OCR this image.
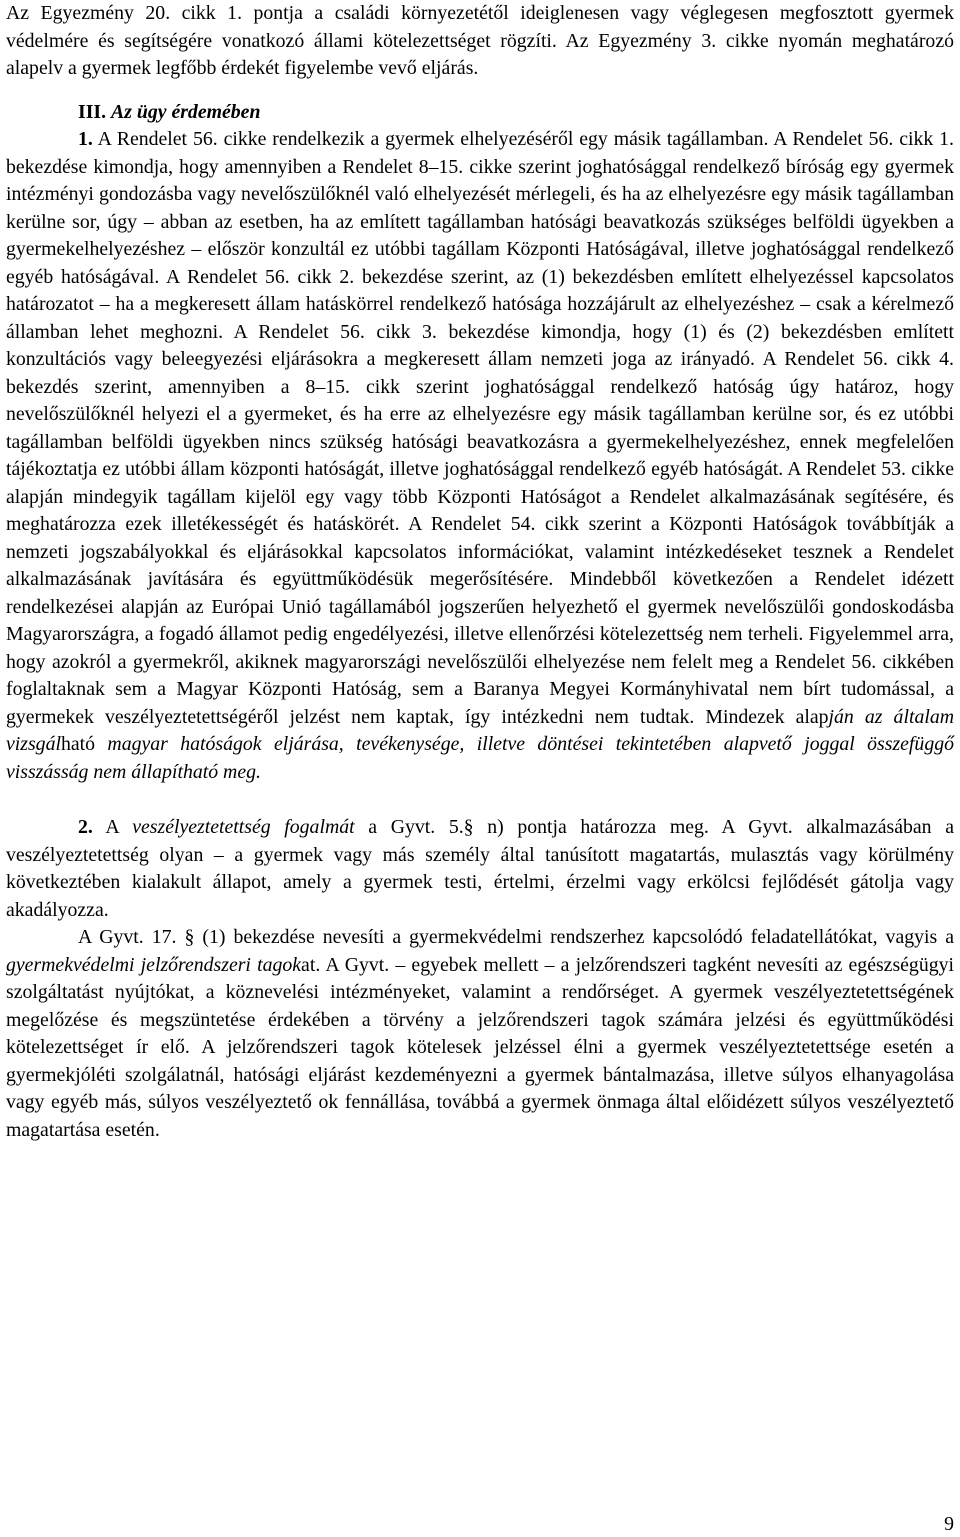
Az Egyezmény 20. cikk 1. pontja a családi környezetétől ideiglenesen vagy véglegesen megfosztott gyermek védelmére és segítségére vonatkozó állami kötelezettséget rögzíti. Az Egyezmény 3. cikke nyomán meghatározó alapelv a gyermek legfőbb érdekét figyelembe vevő eljárás.

III. Az ügy érdemében

1. A Rendelet 56. cikke rendelkezik a gyermek elhelyezéséről egy másik tagállamban. A Rendelet 56. cikk 1. bekezdése kimondja, hogy amennyiben a Rendelet 8–15. cikke szerint joghatósággal rendelkező bíróság egy gyermek intézményi gondozásba vagy nevelőszülőknél való elhelyezését mérlegeli, és ha az elhelyezésre egy másik tagállamban kerülne sor, úgy – abban az esetben, ha az említett tagállamban hatósági beavatkozás szükséges belföldi ügyekben a gyermekelhelyezéshez – először konzultál ez utóbbi tagállam Központi Hatóságával, illetve joghatósággal rendelkező egyéb hatóságával. A Rendelet 56. cikk 2. bekezdése szerint, az (1) bekezdésben említett elhelyezéssel kapcsolatos határozatot – ha a megkeresett állam hatáskörrel rendelkező hatósága hozzájárult az elhelyezéshez – csak a kérelmező államban lehet meghozni. A Rendelet 56. cikk 3. bekezdése kimondja, hogy (1) és (2) bekezdésben említett konzultációs vagy beleegyezési eljárásokra a megkeresett állam nemzeti joga az irányadó. A Rendelet 56. cikk 4. bekezdés szerint, amennyiben a 8–15. cikk szerint joghatósággal rendelkező hatóság úgy határoz, hogy nevelőszülőknél helyezi el a gyermeket, és ha erre az elhelyezésre egy másik tagállamban kerülne sor, és ez utóbbi tagállamban belföldi ügyekben nincs szükség hatósági beavatkozásra a gyermekelhelyezéshez, ennek megfelelően tájékoztatja ez utóbbi állam központi hatóságát, illetve joghatósággal rendelkező egyéb hatóságát. A Rendelet 53. cikke alapján mindegyik tagállam kijelöl egy vagy több Központi Hatóságot a Rendelet alkalmazásának segítésére, és meghatározza ezek illetékességét és hatáskörét. A Rendelet 54. cikk szerint a Központi Hatóságok továbbítják a nemzeti jogszabályokkal és eljárásokkal kapcsolatos információkat, valamint intézkedéseket tesznek a Rendelet alkalmazásának javítására és együttműködésük megerősítésére. Mindebből következően a Rendelet idézett rendelkezései alapján az Európai Unió tagállamából jogszerűen helyezhető el gyermek nevelőszülői gondoskodásba Magyarországra, a fogadó államot pedig engedélyezési, illetve ellenőrzési kötelezettség nem terheli. Figyelemmel arra, hogy azokról a gyermekről, akiknek magyarországi nevelőszülői elhelyezése nem felelt meg a Rendelet 56. cikkében foglaltaknak sem a Magyar Központi Hatóság, sem a Baranya Megyei Kormányhivatal nem bírt tudomással, a gyermekek veszélyeztetettségéről jelzést nem kaptak, így intézkedni nem tudtak. Mindezek alapján az általam vizsgálható magyar hatóságok eljárása, tevékenysége, illetve döntései tekintetében alapvető joggal összefüggő visszásság nem állapítható meg.

2. A veszélyeztetettség fogalmát a Gyvt. 5.§ n) pontja határozza meg. A Gyvt. alkalmazásában a veszélyeztetettség olyan – a gyermek vagy más személy által tanúsított magatartás, mulasztás vagy körülmény következtében kialakult állapot, amely a gyermek testi, értelmi, érzelmi vagy erkölcsi fejlődését gátolja vagy akadályozza.

A Gyvt. 17. § (1) bekezdése nevesíti a gyermekvédelmi rendszerhez kapcsolódó feladatellátókat, vagyis a gyermekvédelmi jelzőrendszeri tagokat. A Gyvt. – egyebek mellett – a jelzőrendszeri tagként nevesíti az egészségügyi szolgáltatást nyújtókat, a köznevelési intézményeket, valamint a rendőrséget. A gyermek veszélyeztetettségének megelőzése és megszüntetése érdekében a törvény a jelzőrendszeri tagok számára jelzési és együttműködési kötelezettséget ír elő. A jelzőrendszeri tagok kötelesek jelzéssel élni a gyermek veszélyeztetettsége esetén a gyermekjóléti szolgálatnál, hatósági eljárást kezdeményezni a gyermek bántalmazása, illetve súlyos elhanyagolása vagy egyéb más, súlyos veszélyeztető ok fennállása, továbbá a gyermek önmaga által előidézett súlyos veszélyeztető magatartása esetén.

9
